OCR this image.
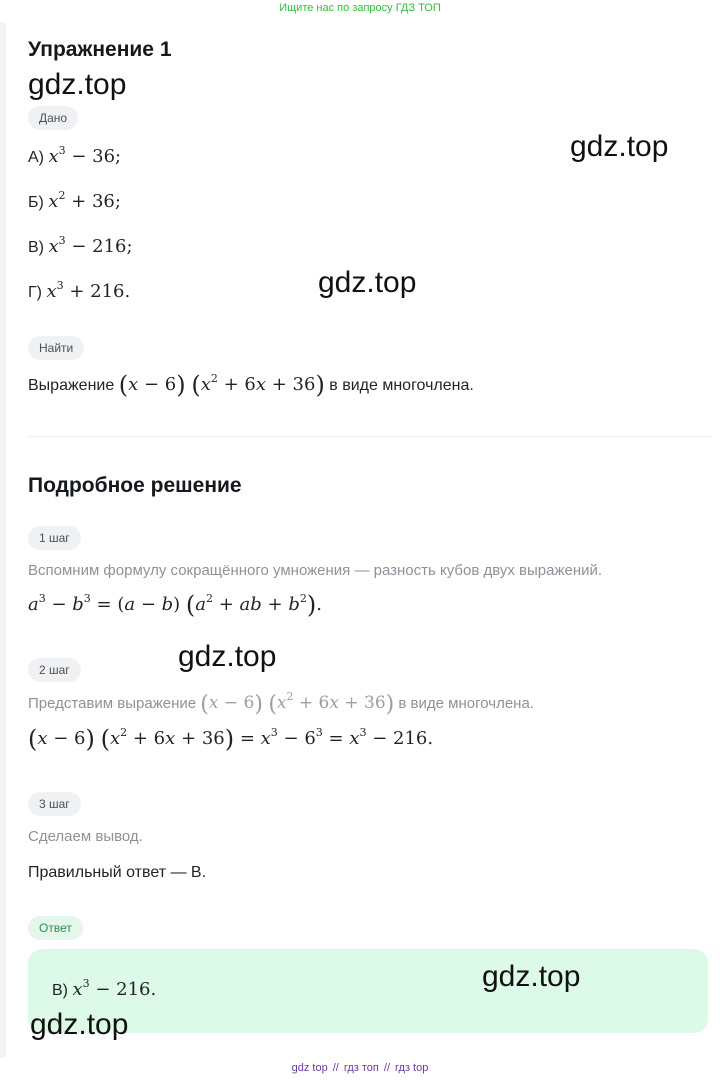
Ищите нас по запросу ГДЗ ТОП
Упражнение 1
gdz.top
Дано
А) $x^3 - 36$;
Б) $x^2 + 36$;
В) $x^3 - 216$;
Г) $x^3 + 216$.
gdz.top
gdz.top
Найти
Выражение (x − 6) $(x^2 + 6x + 36)$ в виде многочлена.
Подробное решение
1 шаг
Вспомним формулу сокращённого умножения — разность кубов двух выражений.
$a^3 - b^3 = (a - b) (a^2$ + ab + $b^2$).
gdz.top
2 шаг
Представим выражение (x − 6) $(x^2 + 6x + 36)$ в виде многочлена.
(x − 6) $(x^2 + 6x + 36) = x^3 - 6^3 = x^3 - 216$.
3 шаг
Сделаем вывод.
Правильный ответ — В.
Ответ
В) $x^3 - 216$.	gdz.top
gdz.top
gdz top // гдз топ // гдз top
